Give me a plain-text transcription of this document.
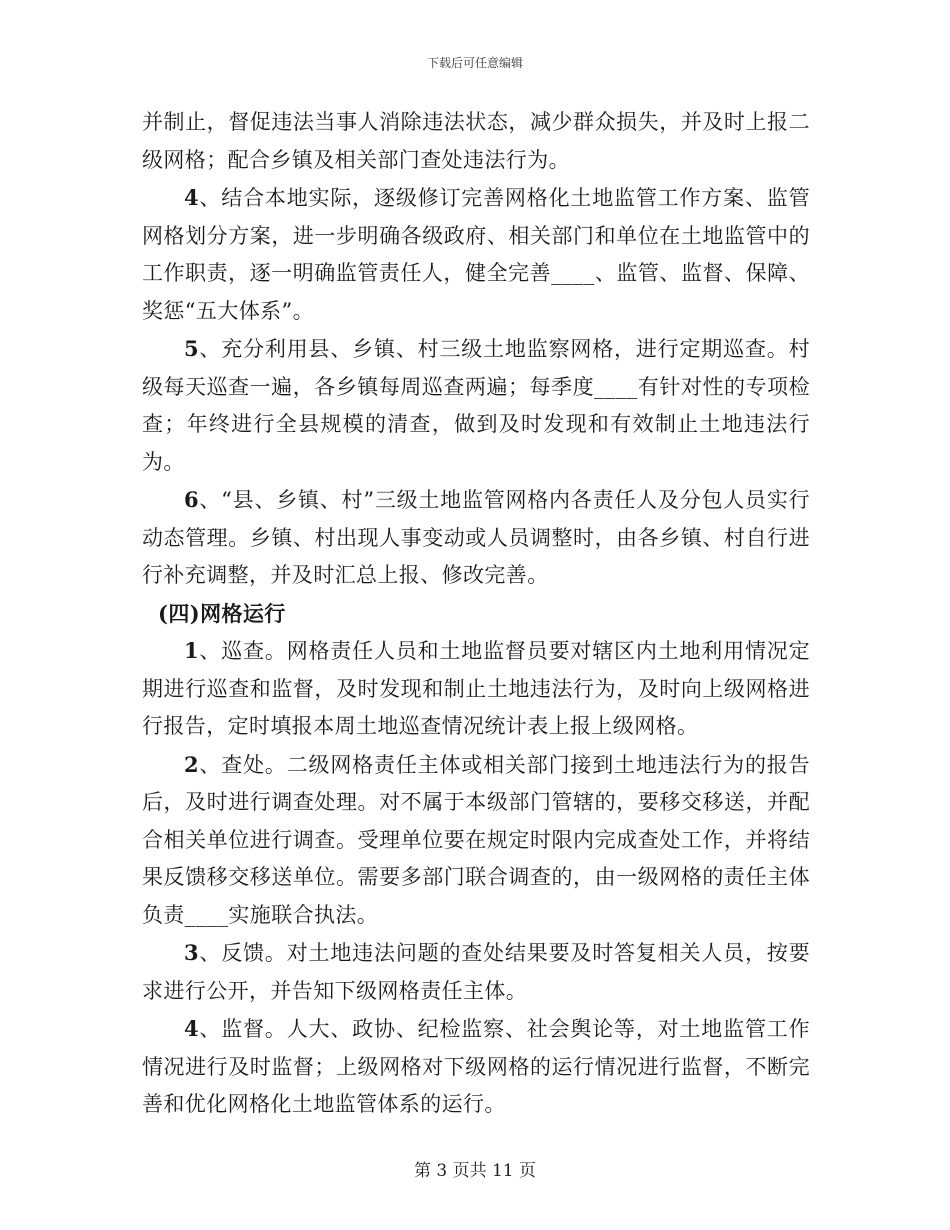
下载后可任意编辑

并制止，督促违法当事人消除违法状态，减少群众损失，并及时上报二级网格；配合乡镇及相关部门查处违法行为。

4、结合本地实际，逐级修订完善网格化土地监管工作方案、监管网格划分方案，进一步明确各级政府、相关部门和单位在土地监管中的工作职责，逐一明确监管责任人，健全完善____、监管、监督、保障、奖惩“五大体系”。

5、充分利用县、乡镇、村三级土地监察网格，进行定期巡查。村级每天巡查一遍，各乡镇每周巡查两遍；每季度____有针对性的专项检查；年终进行全县规模的清查，做到及时发现和有效制止土地违法行为。

6、“县、乡镇、村”三级土地监管网格内各责任人及分包人员实行动态管理。乡镇、村出现人事变动或人员调整时，由各乡镇、村自行进行补充调整，并及时汇总上报、修改完善。

(四)网格运行

1、巡查。网格责任人员和土地监督员要对辖区内土地利用情况定期进行巡查和监督，及时发现和制止土地违法行为，及时向上级网格进行报告，定时填报本周土地巡查情况统计表上报上级网格。

2、查处。二级网格责任主体或相关部门接到土地违法行为的报告后，及时进行调查处理。对不属于本级部门管辖的，要移交移送，并配合相关单位进行调查。受理单位要在规定时限内完成查处工作，并将结果反馈移交移送单位。需要多部门联合调查的，由一级网格的责任主体负责____实施联合执法。

3、反馈。对土地违法问题的查处结果要及时答复相关人员，按要求进行公开，并告知下级网格责任主体。

4、监督。人大、政协、纪检监察、社会舆论等，对土地监管工作情况进行及时监督；上级网格对下级网格的运行情况进行监督，不断完善和优化网格化土地监管体系的运行。

第 3 页共 11 页
